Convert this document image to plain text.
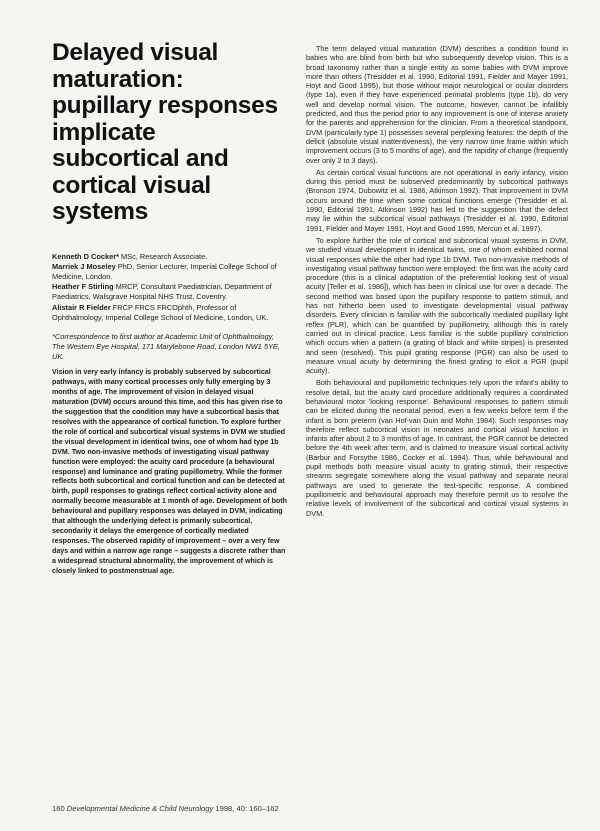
Delayed visual maturation: pupillary responses implicate subcortical and cortical visual systems

Kenneth D Cocker* MSc, Research Associate.

Marriek J Moseley PhD, Senior Lecturer, Imperial College School of Medicine, London.

Heather F Stirling MRCP, Consultant Paediatrician, Department of Paediatrics, Walsgrave Hospital NHS Trust, Coventry.

Alistair R Fielder FRCP FRCS FRCOphth, Professor of Ophthalmology, Imperial College School of Medicine, London, UK.

*Correspondence to first author at Academic Unit of Ophthalmology, The Western Eye Hospital, 171 Marylebone Road, London NW1 5YE, UK.

Vision in very early infancy is probably subserved by subcortical pathways, with many cortical processes only fully emerging by 3 months of age. The improvement of vision in delayed visual maturation (DVM) occurs around this time, and this has given rise to the suggestion that the condition may have a subcortical basis that resolves with the appearance of cortical function. To explore further the role of cortical and subcortical visual systems in DVM we studied the visual development in identical twins, one of whom had type 1b DVM. Two non-invasive methods of investigating visual pathway function were employed: the acuity card procedure (a behavioural response) and luminance and grating pupillometry. While the former reflects both subcortical and cortical function and can be detected at birth, pupil responses to gratings reflect cortical activity alone and normally become measurable at 1 month of age. Development of both behavioural and pupillary responses was delayed in DVM, indicating that although the underlying defect is primarily subcortical, secondarily it delays the emergence of cortically mediated responses. The observed rapidity of improvement – over a very few days and within a narrow age range – suggests a discrete rather than a widespread structural abnormality, the improvement of which is closely linked to postmenstrual age.

The term delayed visual maturation (DVM) describes a condition found in babies who are blind from birth but who subsequently develop vision. This is a broad taxonomy rather than a single entity as some babies with DVM improve more than others (Tresidder et al. 1990, Editorial 1991, Fielder and Mayer 1991, Hoyt and Good 1995), but those without major neurological or ocular disorders (type 1a), even if they have experienced perinatal problems (type 1b), do very well and develop normal vision. The outcome, however, cannot be infallibly predicted, and thus the period prior to any improvement is one of intense anxiety for the parents and apprehension for the clinician. From a theoretical standpoint, DVM (particularly type 1) possesses several perplexing features: the depth of the deficit (absolute visual inattentiveness), the very narrow time frame within which improvement occurs (3 to 5 months of age), and the rapidity of change (frequently over only 2 to 3 days).

As certain cortical visual functions are not operational in early infancy, vision during this period must be subserved predominantly by subcortical pathways (Bronson 1974, Dubowitz et al. 1986, Atkinson 1992). That improvement in DVM occurs around the time when some cortical functions emerge (Tresidder et al. 1990, Editorial 1991, Atkinson 1992) has led to the suggestion that the defect may lie within the subcortical visual pathways (Tresidder et al. 1990, Editorial 1991, Fielder and Mayer 1991, Hoyt and Good 1995, Mercuri et al. 1997).

To explore further the role of cortical and subcortical visual systems in DVM, we studied visual development in identical twins, one of whom exhibited normal visual responses while the other had type 1b DVM. Two non-invasive methods of investigating visual pathway function were employed: the first was the acuity card procedure (this is a clinical adaptation of the preferential looking test of visual acuity [Teller et al. 1986]), which has been in clinical use for over a decade. The second method was based upon the pupillary response to pattern stimuli, and has not hitherto been used to investigate developmental visual pathway disorders. Every clinician is familiar with the subcortically mediated pupillary light reflex (PLR), which can be quantified by pupillometry, although this is rarely carried out in clinical practice. Less familiar is the subtle pupillary constriction which occurs when a pattern (a grating of black and white stripes) is presented and seen (resolved). This pupil grating response (PGR) can also be used to measure visual acuity by determining the finest grating to elicit a PGR (pupil acuity).

Both behavioural and pupillometric techniques rely upon the infant's ability to resolve detail, but the acuity card procedure additionally requires a coordinated behavioural motor 'looking response'. Behavioural responses to pattern stimuli can be elicited during the neonatal period, even a few weeks before term if the infant is born preterm (van Hof-van Duin and Mohn 1984). Such responses may therefore reflect subcortical vision in neonates and cortical visual function in infants after about 2 to 3 months of age. In contrast, the PGR cannot be detected before the 4th week after term, and is claimed to measure visual cortical activity (Barbur and Forsythe 1986, Cocker et al. 1994). Thus, while behavioural and pupil methods both measure visual acuity to grating stimuli, their respective streams segregate somewhere along the visual pathway and separate neural pathways are used to generate the test-specific response. A combined pupillometric and behavioural approach may therefore permit us to resolve the relative levels of involvement of the subcortical and cortical visual systems in DVM.

160 Developmental Medicine & Child Neurology 1998, 40: 160–162
